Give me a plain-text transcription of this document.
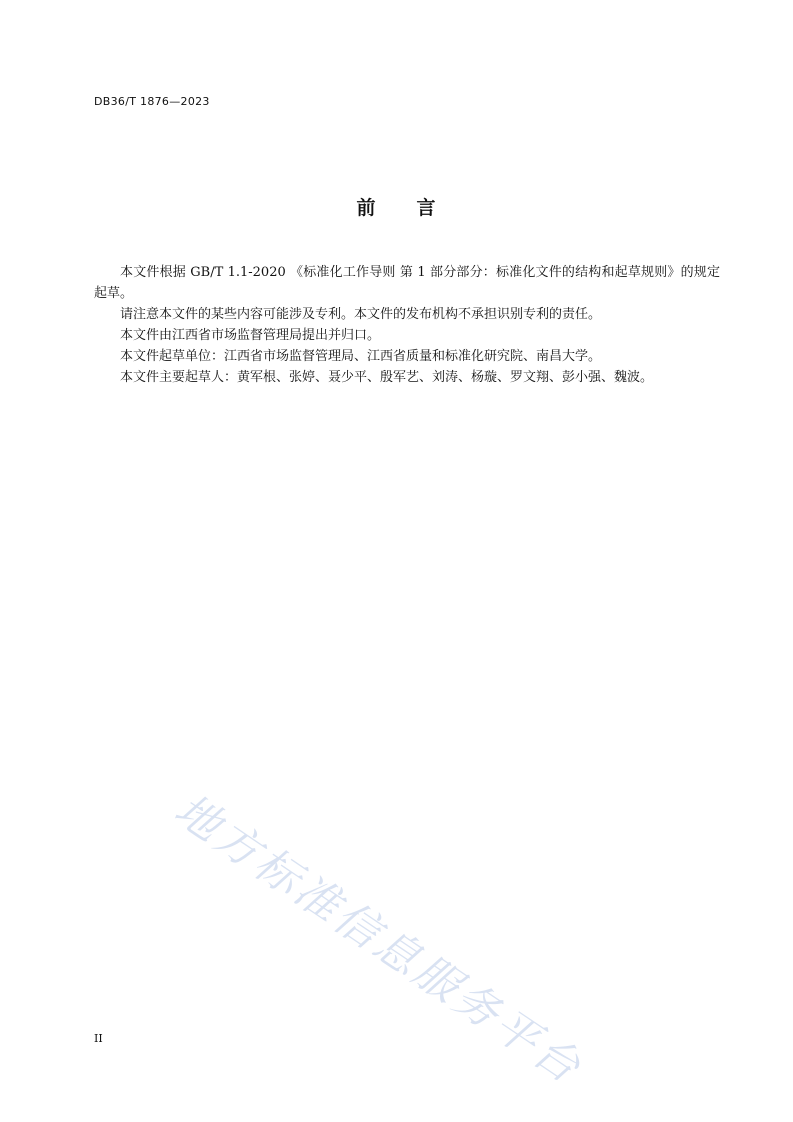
DB36/T 1876—2023
前　　言

本文件根据 GB/T 1.1-2020 《标准化工作导则 第 1 部分部分：标准化文件的结构和起草规则》的规定起草。

请注意本文件的某些内容可能涉及专利。本文件的发布机构不承担识别专利的责任。

本文件由江西省市场监督管理局提出并归口。

本文件起草单位：江西省市场监督管理局、江西省质量和标准化研究院、南昌大学。

本文件主要起草人：黄军根、张婷、聂少平、殷军艺、刘涛、杨璇、罗文翔、彭小强、魏波。

地方标准信息服务平台
II
